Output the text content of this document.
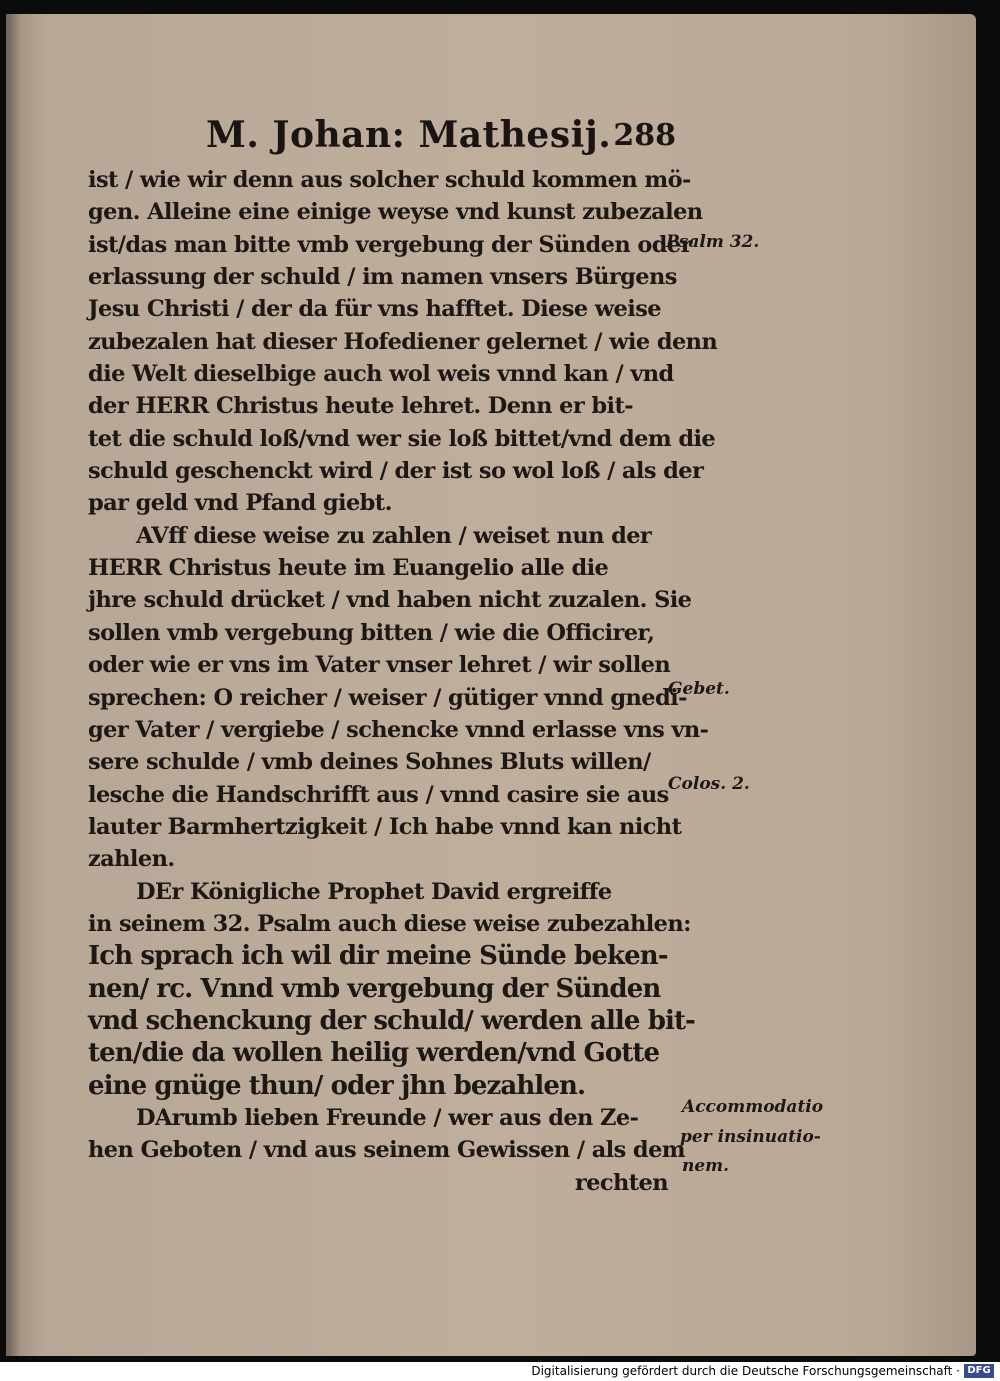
M. Johan: Mathesij. 288
ist / wie wir denn aus solcher schuld kommen mö-
gen. Alleine eine einige weyse vnd kunst zubezalen
ist/das man bitte vmb vergebung der Sünden oder
erlassung der schuld / im namen vnsers Bürgens
Jesu Christi / der da für vns hafftet. Diese weise
zubezalen hat dieser Hofediener gelernet / wie denn
die Welt dieselbige auch wol weis vnnd kan / vnd
der HERR Christus heute lehret. Denn er bit-
tet die schuld loß/vnd wer sie loß bittet/vnd dem die
schuld geschenckt wird / der ist so wol loß / als der
par geld vnd Pfand giebt.
AVff diese weise zu zahlen / weiset nun der
HERR Christus heute im Euangelio alle die
jhre schuld drücket / vnd haben nicht zuzalen. Sie
sollen vmb vergebung bitten / wie die Officirer,
oder wie er vns im Vater vnser lehret / wir sollen
sprechen: O reicher / weiser / gütiger vnnd gnedi-
ger Vater / vergiebe / schencke vnnd erlasse vns vn-
sere schulde / vmb deines Sohnes Bluts willen/
lesche die Handschrifft aus / vnnd casire sie aus
lauter Barmhertzigkeit / Ich habe vnnd kan nicht
zahlen.
DEr Königliche Prophet David ergreiffe
in seinem 32. Psalm auch diese weise zubezahlen:
Ich sprach ich wil dir meine Sünde beken-
nen/ rc. Vnnd vmb vergebung der Sünden
vnd schenckung der schuld/ werden alle bit-
ten/die da wollen heilig werden/vnd Gotte
eine gnüge thun/ oder jhn bezahlen.
DArumb lieben Freunde / wer aus den Ze-
hen Geboten / vnd aus seinem Gewissen / als dem
rechten
Psalm 32.
Gebet.
Colos. 2.
Accommodatio
per insinuatio-
nem.
Digitalisierung gefördert durch die Deutsche Forschungsgemeinschaft · DFG
